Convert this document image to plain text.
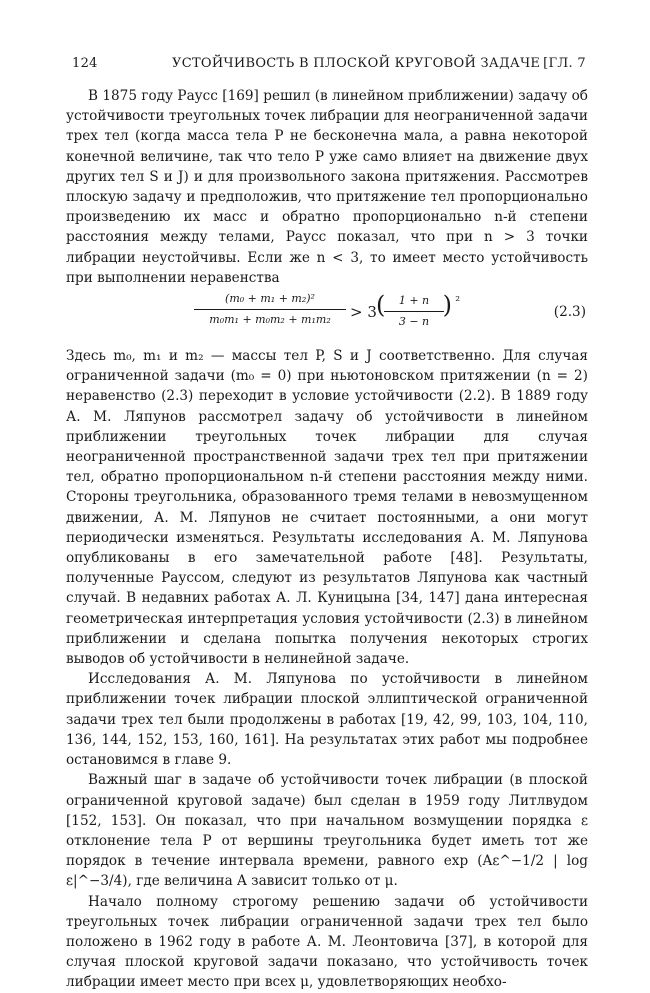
124	УСТОЙЧИВОСТЬ В ПЛОСКОЙ КРУГОВОЙ ЗАДАЧЕ [ГЛ. 7

В 1875 году Раусс [169] решил (в линейном приближении) задачу об устойчивости треугольных точек либрации для неограниченной задачи трех тел (когда масса тела P не бесконечна мала, а равна некоторой конечной величине, так что тело P уже само влияет на движение двух других тел S и J) и для произвольного закона притяжения. Рассмотрев плоскую задачу и предположив, что притяжение тел пропорционально произведению их масс и обратно пропорционально n-й степени расстояния между телами, Раусс показал, что при n > 3 точки либрации неустойчивы. Если же n < 3, то имеет место устойчивость при выполнении неравенства

(m₀ + m₁ + m₂)²
m₀m₁ + m₀m₂ + m₁m₂	> 3 ( 1 + n
3 − n
) ²
(2.3)

Здесь m₀, m₁ и m₂ — массы тел P, S и J соответственно. Для случая ограниченной задачи (m₀ = 0) при ньютоновском притяжении (n = 2) неравенство (2.3) переходит в условие устойчивости (2.2). В 1889 году А. М. Ляпунов рассмотрел задачу об устойчивости в линейном приближении треугольных точек либрации для случая неограниченной пространственной задачи трех тел при притяжении тел, обратно пропорциональном n-й степени расстояния между ними. Стороны треугольника, образованного тремя телами в невозмущенном движении, А. М. Ляпунов не считает постоянными, а они могут периодически изменяться. Результаты исследования А. М. Ляпунова опубликованы в его замечательной работе [48]. Результаты, полученные Рауссом, следуют из результатов Ляпунова как частный случай. В недавних работах А. Л. Куницына [34, 147] дана интересная геометрическая интерпретация условия устойчивости (2.3) в линейном приближении и сделана попытка получения некоторых строгих выводов об устойчивости в нелинейной задаче.

Исследования А. М. Ляпунова по устойчивости в линейном приближении точек либрации плоской эллиптической ограниченной задачи трех тел были продолжены в работах [19, 42, 99, 103, 104, 110, 136, 144, 152, 153, 160, 161]. На результатах этих работ мы подробнее остановимся в главе 9.

Важный шаг в задаче об устойчивости точек либрации (в плоской ограниченной круговой задаче) был сделан в 1959 году Литлвудом [152, 153]. Он показал, что при начальном возмущении порядка ε отклонение тела P от вершины треугольника будет иметь тот же порядок в течение интервала времени, равного exp (Aε^−1/2 | log ε|^−3/4), где величина A зависит только от μ.

Начало полному строгому решению задачи об устойчивости треугольных точек либрации ограниченной задачи трех тел было положено в 1962 году в работе А. М. Леонтовича [37], в которой для случая плоской круговой задачи показано, что устойчивость точек либрации имеет место при всех μ, удовлетворяющих необхо-
